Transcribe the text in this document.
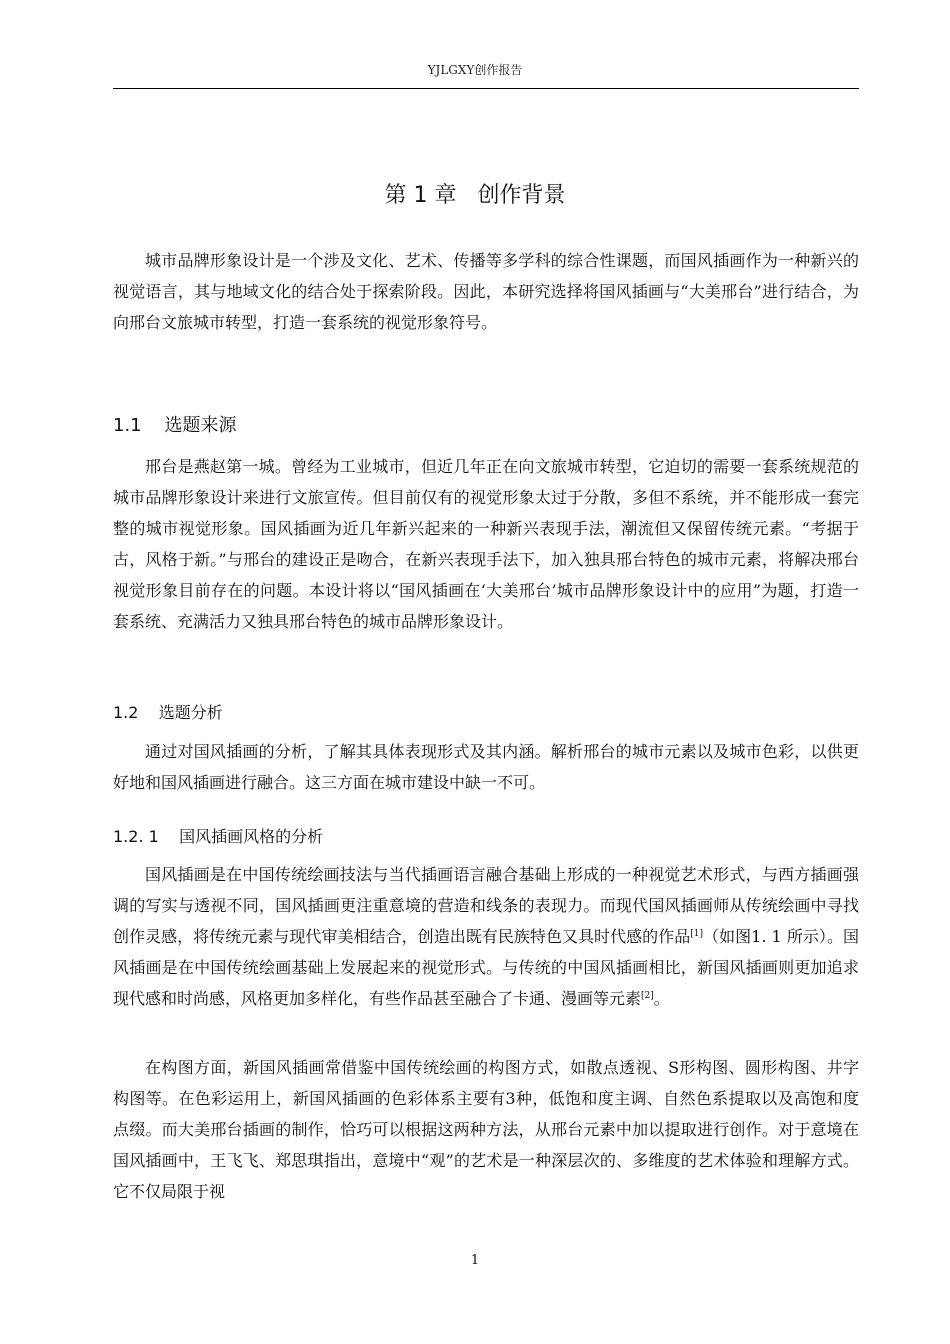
YJLGXY创作报告
第 1 章   创作背景

城市品牌形象设计是一个涉及文化、艺术、传播等多学科的综合性课题，而国风插画作为一种新兴的视觉语言，其与地域文化的结合处于探索阶段。因此，本研究选择将国风插画与“大美邢台”进行结合，为向邢台文旅城市转型，打造一套系统的视觉形象符号。

1.1    选题来源

邢台是燕赵第一城。曾经为工业城市，但近几年正在向文旅城市转型，它迫切的需要一套系统规范的城市品牌形象设计来进行文旅宣传。但目前仅有的视觉形象太过于分散，多但不系统，并不能形成一套完整的城市视觉形象。国风插画为近几年新兴起来的一种新兴表现手法，潮流但又保留传统元素。“考据于古，风格于新。”与邢台的建设正是吻合，在新兴表现手法下，加入独具邢台特色的城市元素，将解决邢台视觉形象目前存在的问题。本设计将以“国风插画在‘大美邢台’城市品牌形象设计中的应用”为题，打造一套系统、充满活力又独具邢台特色的城市品牌形象设计。

1.2    选题分析

通过对国风插画的分析，了解其具体表现形式及其内涵。解析邢台的城市元素以及城市色彩，以供更好地和国风插画进行融合。这三方面在城市建设中缺一不可。

1.2. 1    国风插画风格的分析

国风插画是在中国传统绘画技法与当代插画语言融合基础上形成的一种视觉艺术形式，与西方插画强调的写实与透视不同，国风插画更注重意境的营造和线条的表现力。而现代国风插画师从传统绘画中寻找创作灵感，将传统元素与现代审美相结合，创造出既有民族特色又具时代感的作品[1]（如图1. 1 所示）。国风插画是在中国传统绘画基础上发展起来的视觉形式。与传统的中国风插画相比，新国风插画则更加追求现代感和时尚感，风格更加多样化，有些作品甚至融合了卡通、漫画等元素[2]。

在构图方面，新国风插画常借鉴中国传统绘画的构图方式，如散点透视、S形构图、圆形构图、井字构图等。在色彩运用上，新国风插画的色彩体系主要有3种，低饱和度主调、自然色系提取以及高饱和度点缀。而大美邢台插画的制作，恰巧可以根据这两种方法，从邢台元素中加以提取进行创作。对于意境在国风插画中，王飞飞、郑思琪指出，意境中“观”的艺术是一种深层次的、多维度的艺术体验和理解方式。它不仅局限于视

1
